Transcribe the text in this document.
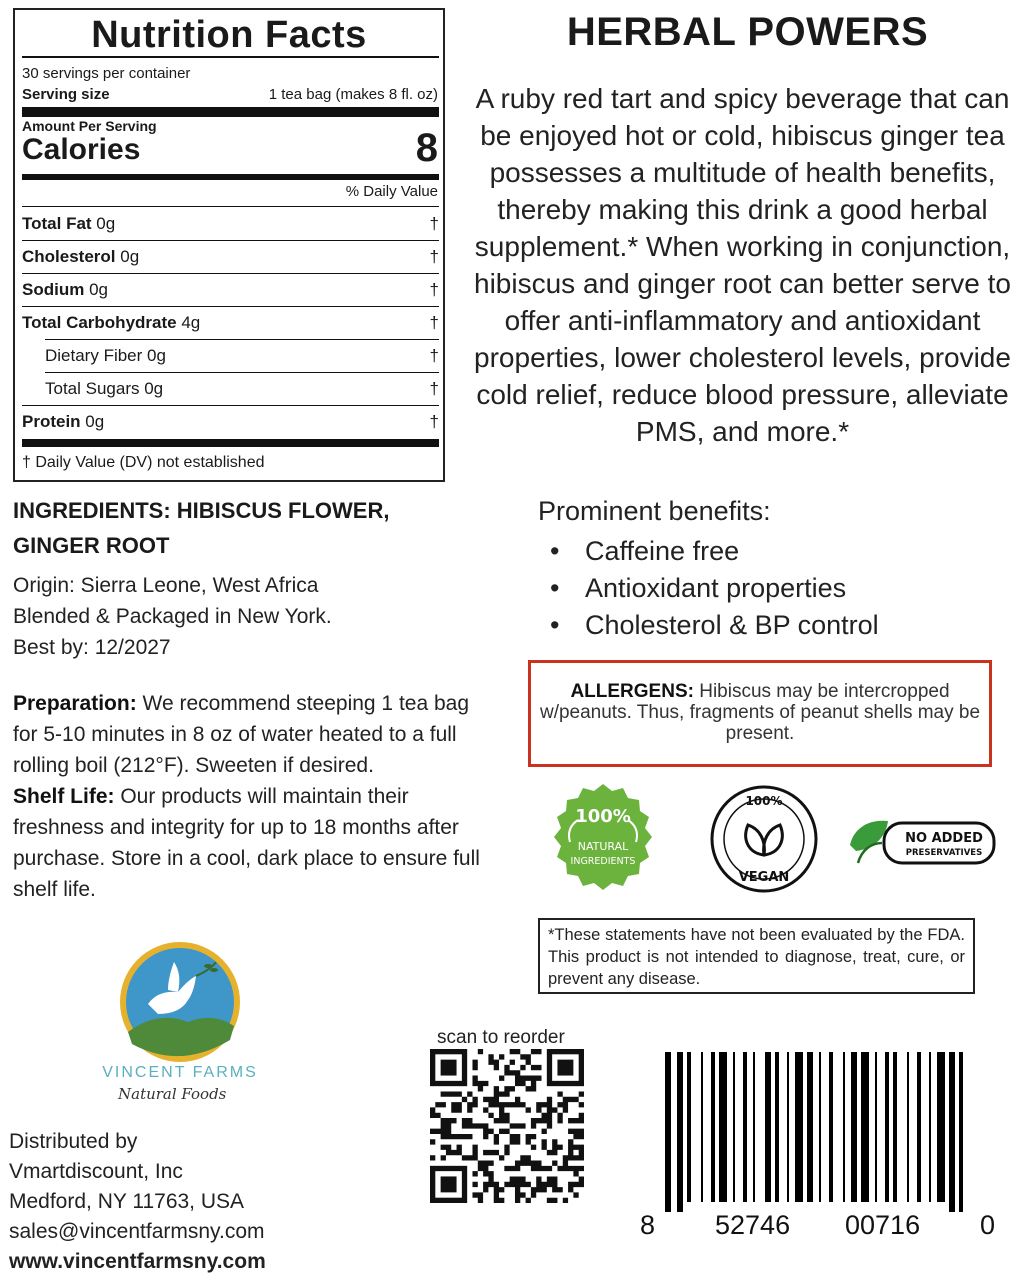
Nutrition Facts
30 servings per container
Serving size	1 tea bag (makes 8 fl. oz)
Amount Per Serving
Calories	8
% Daily Value
Total Fat 0g	†
Cholesterol 0g	†
Sodium 0g	†
Total Carbohydrate 4g	†
Dietary Fiber 0g	†
Total Sugars 0g	†
Protein 0g	†
† Daily Value (DV) not established
HERBAL POWERS
A ruby red tart and spicy beverage that can be enjoyed hot or cold, hibiscus ginger tea possesses a multitude of health benefits, thereby making this drink a good herbal supplement.* When working in conjunction, hibiscus and ginger root can better serve to offer anti-inflammatory and antioxidant properties, lower cholesterol levels, provide cold relief, reduce blood pressure, alleviate PMS, and more.*
Prominent benefits:
• Caffeine free
• Antioxidant properties
• Cholesterol & BP control
ALLERGENS: Hibiscus may be intercropped w/peanuts. Thus, fragments of peanut shells may be present.
INGREDIENTS: HIBISCUS FLOWER, GINGER ROOT
Origin: Sierra Leone, West Africa
Blended & Packaged in New York.
Best by: 12/2027
Preparation: We recommend steeping 1 tea bag for 5-10 minutes in 8 oz of water heated to a full rolling boil (212°F). Sweeten if desired.
Shelf Life: Our products will maintain their freshness and integrity for up to 18 months after purchase. Store in a cool, dark place to ensure full shelf life.
100%
NATURAL
INGREDIENTS
100%
VEGAN
NO ADDED
PRESERVATIVES
*These statements have not been evaluated by the FDA. This product is not intended to diagnose, treat, cure, or prevent any disease.
VINCENT FARMS
Natural Foods
Distributed by
Vmartdiscount, Inc
Medford, NY 11763, USA
sales@vincentfarmsny.com
www.vincentfarmsny.com
scan to reorder
8 52746 00716 0
